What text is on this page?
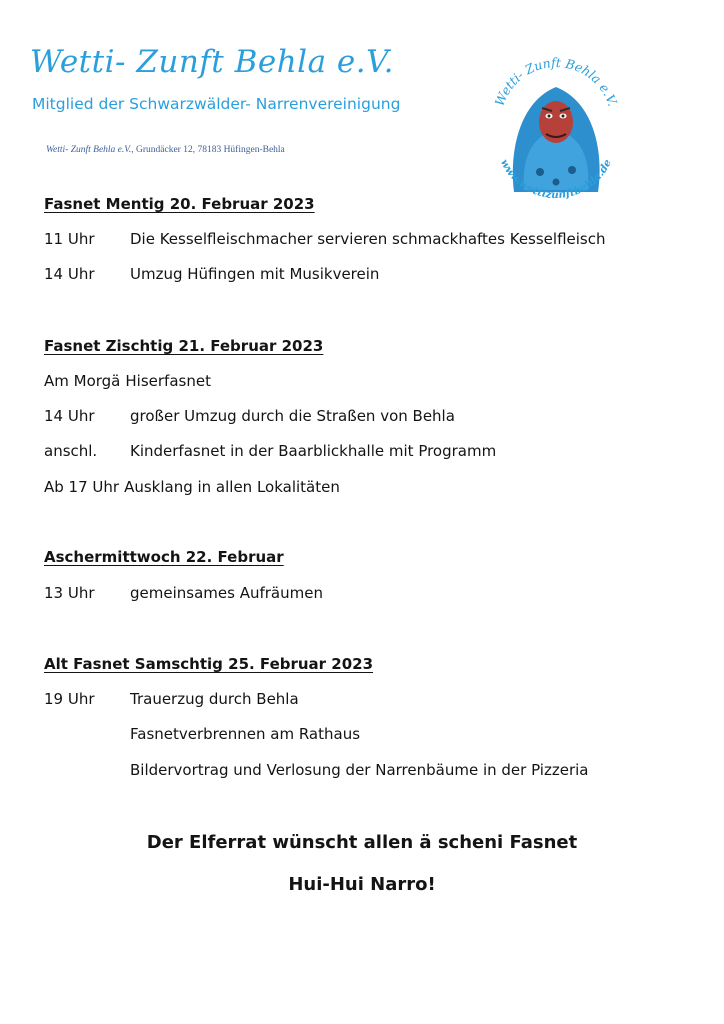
Wetti- Zunft Behla e.V.
Mitglied der Schwarzwälder- Narrenvereinigung
Wetti- Zunft Behla e.V., Grundäcker 12, 78183 Hüfingen-Behla
Wetti- Zunft Behla e.V.
www.wettizunftbehla.de
Fasnet Mentig 20. Februar 2023
11 Uhr Die Kesselfleischmacher servieren schmackhaftes Kesselfleisch
14 Uhr Umzug Hüfingen mit Musikverein
Fasnet Zischtig 21. Februar 2023
Am Morgä Hiserfasnet
14 Uhr großer Umzug durch die Straßen von Behla
anschl. Kinderfasnet in der Baarblickhalle mit Programm
Ab 17 Uhr Ausklang in allen Lokalitäten
Aschermittwoch 22. Februar
13 Uhr gemeinsames Aufräumen
Alt Fasnet Samschtig 25. Februar 2023
19 Uhr Trauerzug durch Behla
Fasnetverbrennen am Rathaus
Bildervortrag und Verlosung der Narrenbäume in der Pizzeria
Der Elferrat wünscht allen ä scheni Fasnet
Hui-Hui Narro!
